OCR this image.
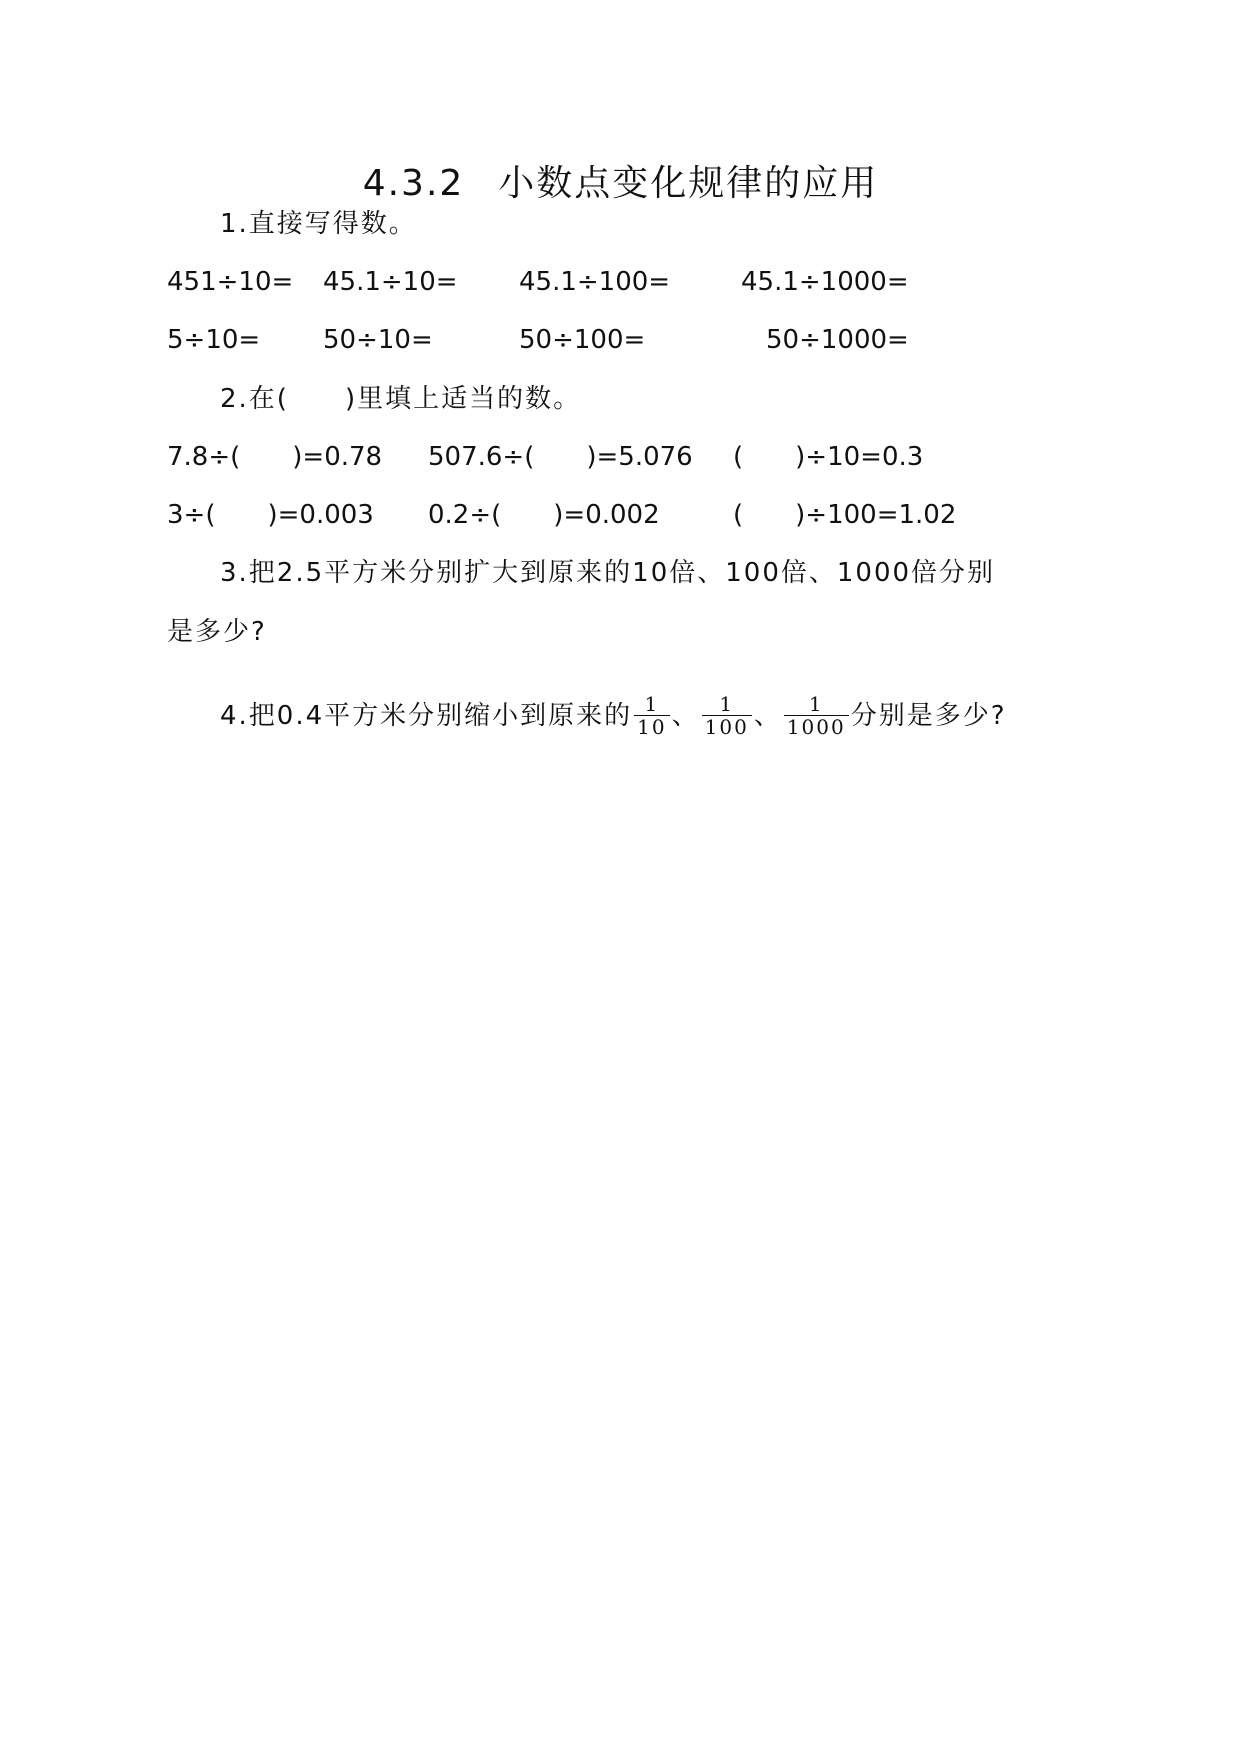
4.3.2 小数点变化规律的应用
1.直接写得数。
451÷10= 45.1÷10= 45.1÷100=	45.1÷1000=
5÷10= 50÷10=	50÷100=	50÷1000=
2.在(　　)里填上适当的数。
7.8÷(　　)=0.78 507.6÷(　　)=5.076 (　　)÷10=0.3
3÷(　　)=0.003 0.2÷(　　)=0.002	(　　)÷100=1.02
3.把2.5平方米分别扩大到原来的10倍、100倍、1000倍分别
是多少?
4.把0.4平方米分别缩小到原来的 $\frac{1}{10}$ 、 $\frac{1}{100}$ 、 $\frac{1}{1000}$ 分别是多少?
